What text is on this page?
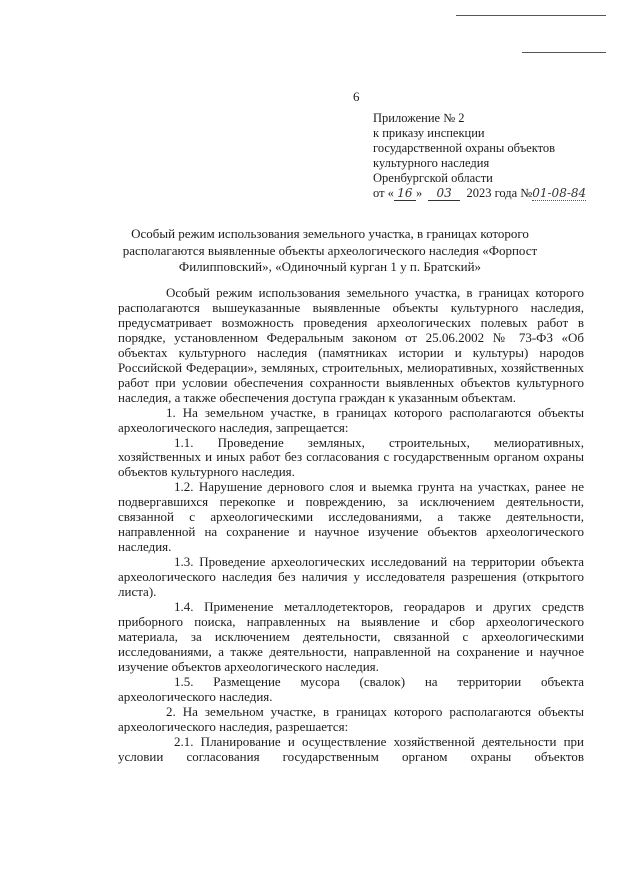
6
Приложение № 2
к приказу инспекции
государственной охраны объектов
культурного наследия
Оренбургской области
от « 16 » 03 2023 года №01-08-84
Особый режим использования земельного участка, в границах которого
располагаются выявленные объекты археологического наследия «Форпост
Филипповский», «Одиночный курган 1 у п. Братский»
Особый режим использования земельного участка, в границах которого располагаются вышеуказанные выявленные объекты культурного наследия, предусматривает возможность проведения археологических полевых работ в порядке, установленном Федеральным законом от 25.06.2002 № 73-ФЗ «Об объектах культурного наследия (памятниках истории и культуры) народов Российской Федерации», земляных, строительных, мелиоративных, хозяйственных работ при условии обеспечения сохранности выявленных объектов культурного наследия, а также обеспечения доступа граждан к указанным объектам.
1. На земельном участке, в границах которого располагаются объекты археологического наследия, запрещается:
1.1. Проведение земляных, строительных, мелиоративных, хозяйственных и иных работ без согласования с государственным органом охраны объектов культурного наследия.
1.2. Нарушение дернового слоя и выемка грунта на участках, ранее не подвергавшихся перекопке и повреждению, за исключением деятельности, связанной с археологическими исследованиями, а также деятельности, направленной на сохранение и научное изучение объектов археологического наследия.
1.3. Проведение археологических исследований на территории объекта археологического наследия без наличия у исследователя разрешения (открытого листа).
1.4. Применение металлодетекторов, георадаров и других средств приборного поиска, направленных на выявление и сбор археологического материала, за исключением деятельности, связанной с археологическими исследованиями, а также деятельности, направленной на сохранение и научное изучение объектов археологического наследия.
1.5. Размещение мусора (свалок) на территории объекта археологического наследия.
2. На земельном участке, в границах которого располагаются объекты археологического наследия, разрешается:
2.1. Планирование и осуществление хозяйственной деятельности при условии согласования государственным органом охраны объектов
